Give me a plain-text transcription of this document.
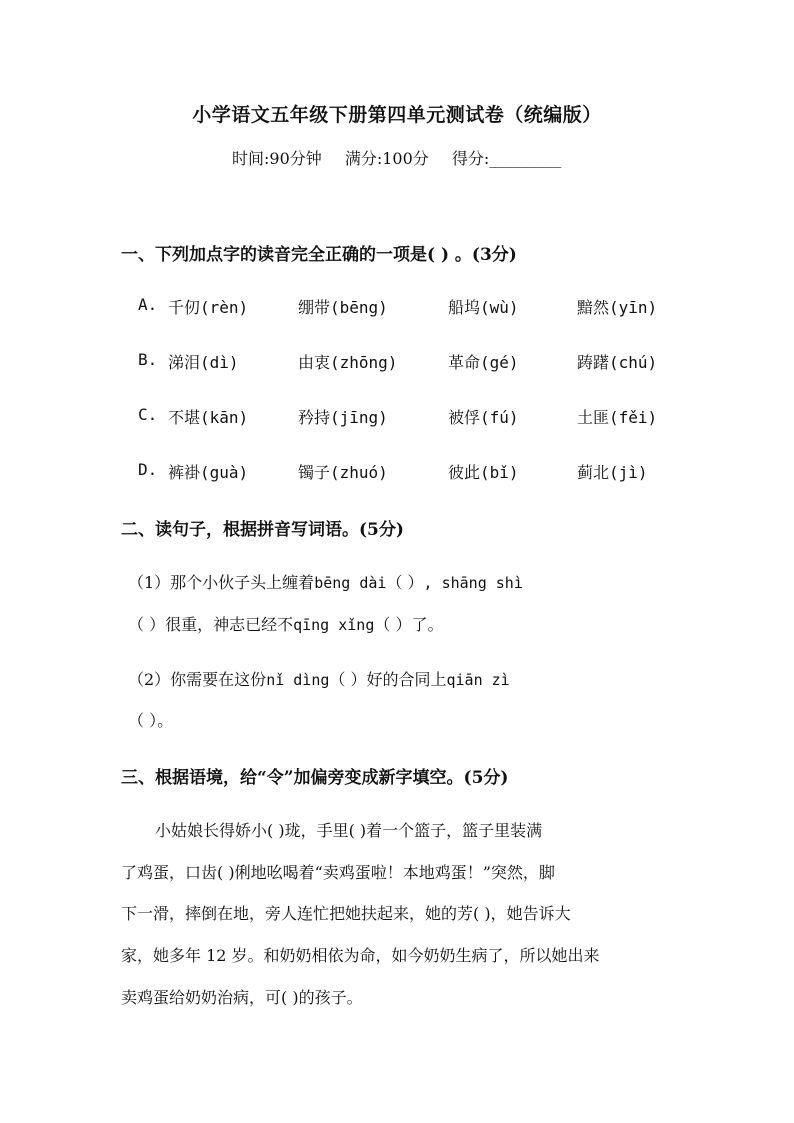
小学语文五年级下册第四单元测试卷（统编版）
时间:90分钟 满分:100分 得分:_________
一、下列加点字的读音完全正确的一项是( ) 。(3分)
A. 千仞(rèn)	绷带(bēng)	船坞(wù)	黯然(yīn)
B. 涕泪(dì)	由衷(zhōng)	革命(gé)	踌躇(chú)
C. 不堪(kān)	矜持(jīng)	被俘(fú)	土匪(fěi)
D. 裤褂(guà)	镯子(zhuó)	彼此(bǐ)	蓟北(jì)
二、读句子，根据拼音写词语。(5分)
（1）那个小伙子头上缠着bēng dài（ ）, shāng shì
（ ）很重，神志已经不qīng xǐng（ ）了。
（2）你需要在这份nǐ dìng（ ）好的合同上qiān zì
（ ）。
三、根据语境，给“令”加偏旁变成新字填空。(5分)
小姑娘长得娇小( )珑，手里( )着一个篮子，篮子里装满
了鸡蛋，口齿( )俐地吆喝着“卖鸡蛋啦！本地鸡蛋！”突然，脚
下一滑，摔倒在地，旁人连忙把她扶起来，她的芳( )，她告诉大
家，她多年 12 岁。和奶奶相依为命，如今奶奶生病了，所以她出来
卖鸡蛋给奶奶治病，可( )的孩子。
